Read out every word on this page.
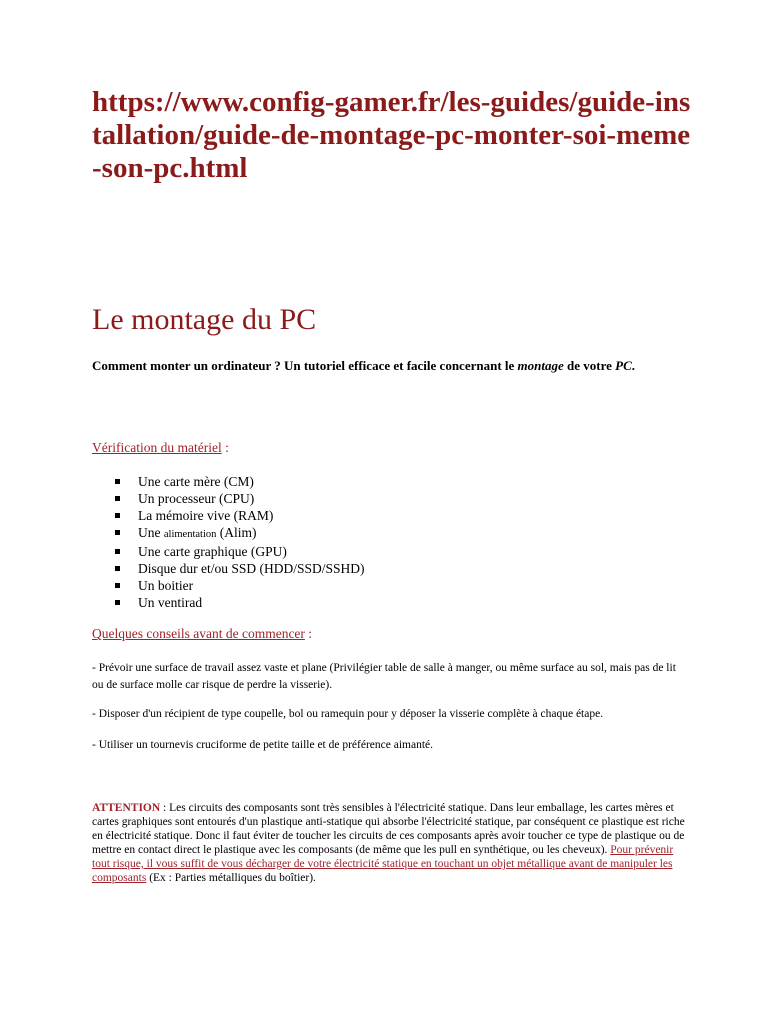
https://www.config-gamer.fr/les-guides/guide-installation/guide-de-montage-pc-monter-soi-meme-son-pc.html

Le montage du PC

Comment monter un ordinateur ? Un tutoriel efficace et facile concernant le montage de votre PC.

Vérification du matériel :

Une carte mère (CM)
Un processeur (CPU)
La mémoire vive (RAM)
Une alimentation (Alim)
Une carte graphique (GPU)
Disque dur et/ou SSD (HDD/SSD/SSHD)
Un boitier
Un ventirad

Quelques conseils avant de commencer :

- Prévoir une surface de travail assez vaste et plane (Privilégier table de salle à manger, ou même surface au sol, mais pas de lit ou de surface molle car risque de perdre la visserie).

- Disposer d'un récipient de type coupelle, bol ou ramequin pour y déposer la visserie complète à chaque étape.

- Utiliser un tournevis cruciforme de petite taille et de préférence aimanté.

ATTENTION : Les circuits des composants sont très sensibles à l'électricité statique. Dans leur emballage, les cartes mères et cartes graphiques sont entourés d'un plastique anti-statique qui absorbe l'électricité statique, par conséquent ce plastique est riche en électricité statique. Donc il faut éviter de toucher les circuits de ces composants après avoir toucher ce type de plastique ou de mettre en contact direct le plastique avec les composants (de même que les pull en synthétique, ou les cheveux). Pour prévenir tout risque, il vous suffit de vous décharger de votre électricité statique en touchant un objet métallique avant de manipuler les composants (Ex : Parties métalliques du boîtier).
